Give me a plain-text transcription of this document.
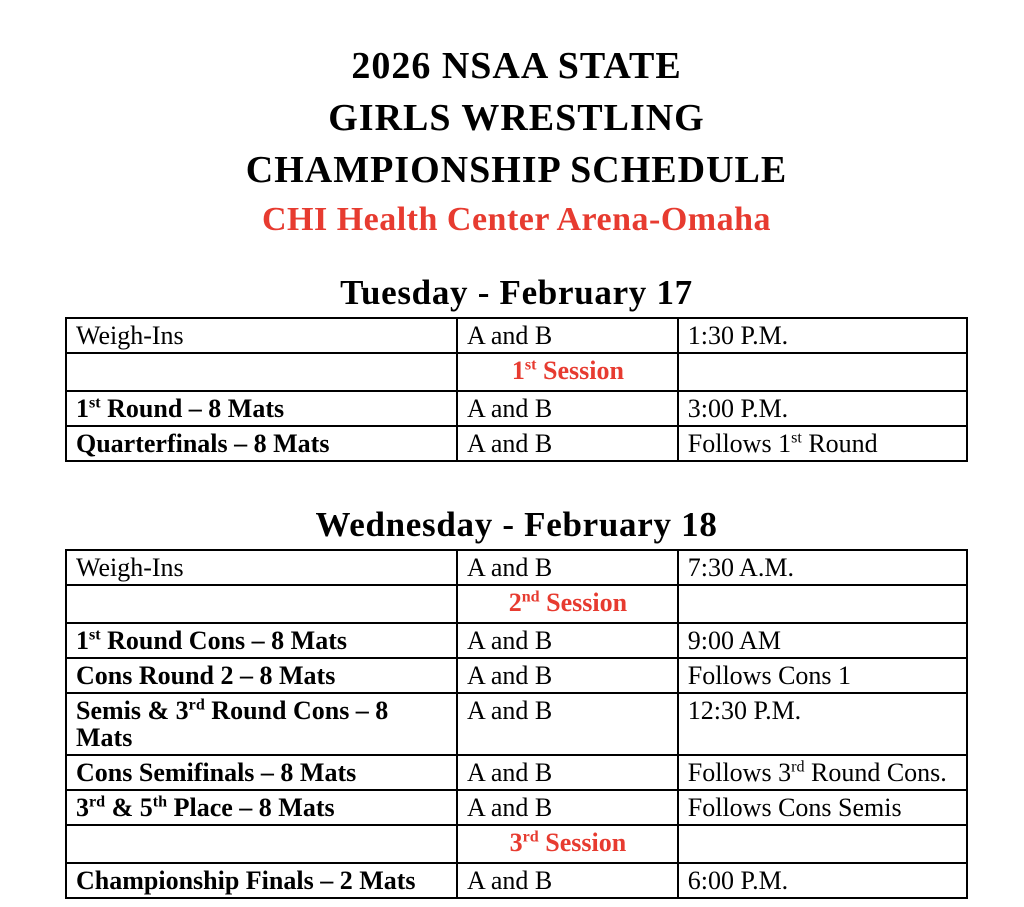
2026 NSAA STATE
GIRLS WRESTLING
CHAMPIONSHIP SCHEDULE
CHI Health Center Arena-Omaha
Tuesday - February 17
Weigh-Ins	A and B	1:30 P.M.
	1st Session	
1st Round – 8 Mats	A and B	3:00 P.M.
Quarterfinals – 8 Mats	A and B	Follows 1st Round
Wednesday - February 18
Weigh-Ins	A and B	7:30 A.M.
	2nd Session	
1st Round Cons – 8 Mats	A and B	9:00 AM
Cons Round 2 – 8 Mats	A and B	Follows Cons 1
Semis & 3rd Round Cons – 8 Mats	A and B	12:30 P.M.
Cons Semifinals – 8 Mats	A and B	Follows 3rd Round Cons.
3rd & 5th Place – 8 Mats	A and B	Follows Cons Semis
	3rd Session	
Championship Finals – 2 Mats	A and B	6:00 P.M.
